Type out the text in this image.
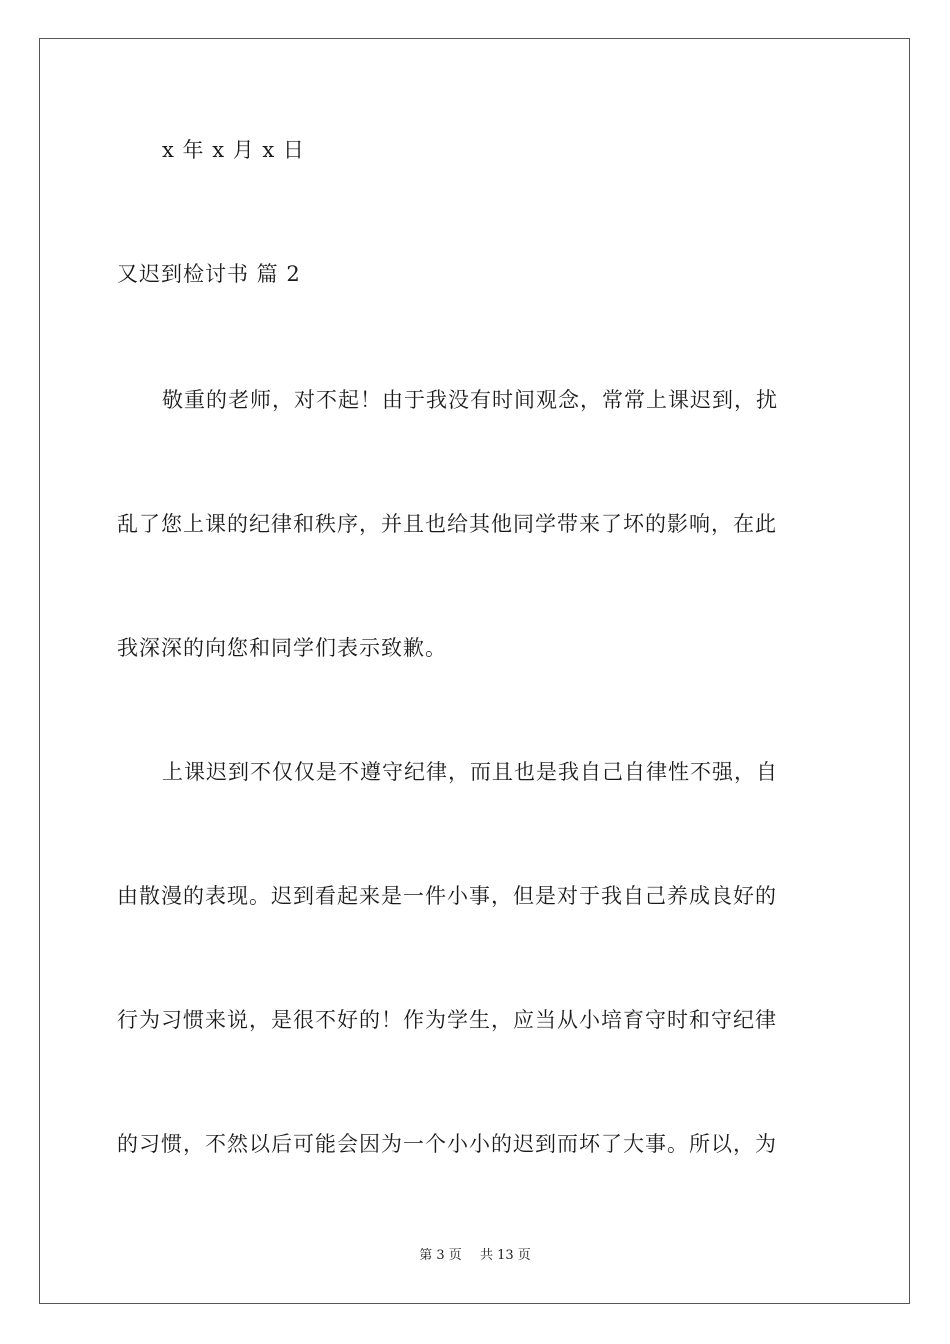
x 年 x 月 x 日
又迟到检讨书 篇 2
敬重的老师，对不起！由于我没有时间观念，常常上课迟到，扰
乱了您上课的纪律和秩序，并且也给其他同学带来了坏的影响，在此
我深深的向您和同学们表示致歉。
上课迟到不仅仅是不遵守纪律，而且也是我自己自律性不强，自
由散漫的表现。迟到看起来是一件小事，但是对于我自己养成良好的
行为习惯来说，是很不好的！作为学生，应当从小培育守时和守纪律
的习惯，不然以后可能会因为一个小小的迟到而坏了大事。所以，为
第 3 页 共 13 页
